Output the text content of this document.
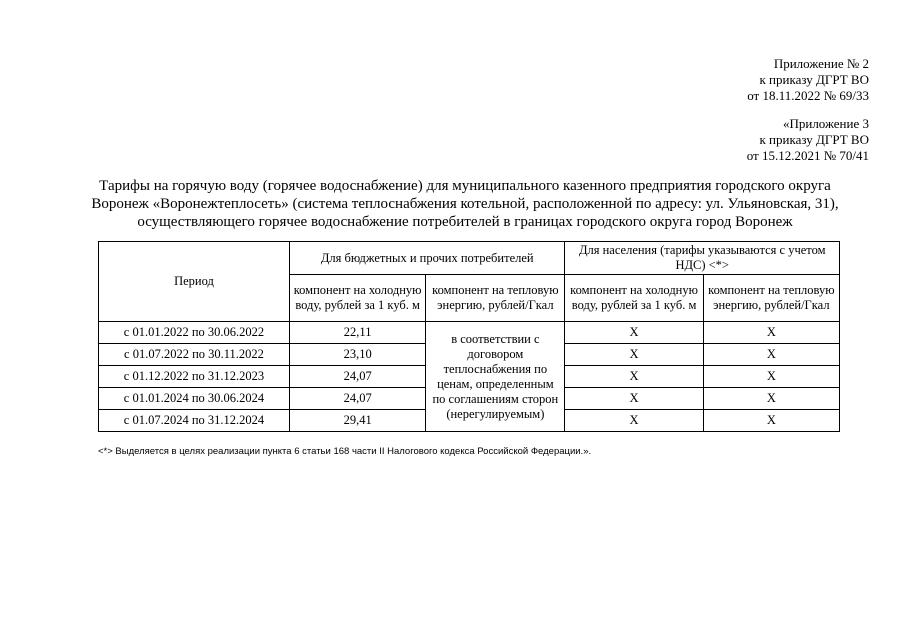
Приложение № 2
к приказу ДГРТ ВО
от 18.11.2022 № 69/33
«Приложение 3
к приказу ДГРТ ВО
от 15.12.2021 № 70/41
Тарифы на горячую воду (горячее водоснабжение) для муниципального казенного предприятия городского округа
Воронеж «Воронежтеплосеть» (система теплоснабжения котельной, расположенной по адресу: ул. Ульяновская, 31),
осуществляющего горячее водоснабжение потребителей в границах городского округа город Воронеж
Период	Для бюджетных и прочих потребителей		Для населения (тарифы указываются с учетом НДС) <*>	
	компонент на холодную воду, рублей за 1 куб. м	компонент на тепловую энергию, рублей/Гкал	компонент на холодную воду, рублей за 1 куб. м	компонент на тепловую энергию, рублей/Гкал
с 01.01.2022 по 30.06.2022	22,11	в соответствии с договором теплоснабжения по ценам, определенным по соглашениям сторон (нерегулируемым)	X	X
с 01.07.2022 по 30.11.2022	23,10		X	X
с 01.12.2022 по 31.12.2023	24,07		X	X
с 01.01.2024 по 30.06.2024	24,07		X	X
с 01.07.2024 по 31.12.2024	29,41		X	X
<*> Выделяется в целях реализации пункта 6 статьи 168 части II Налогового кодекса Российской Федерации.».
